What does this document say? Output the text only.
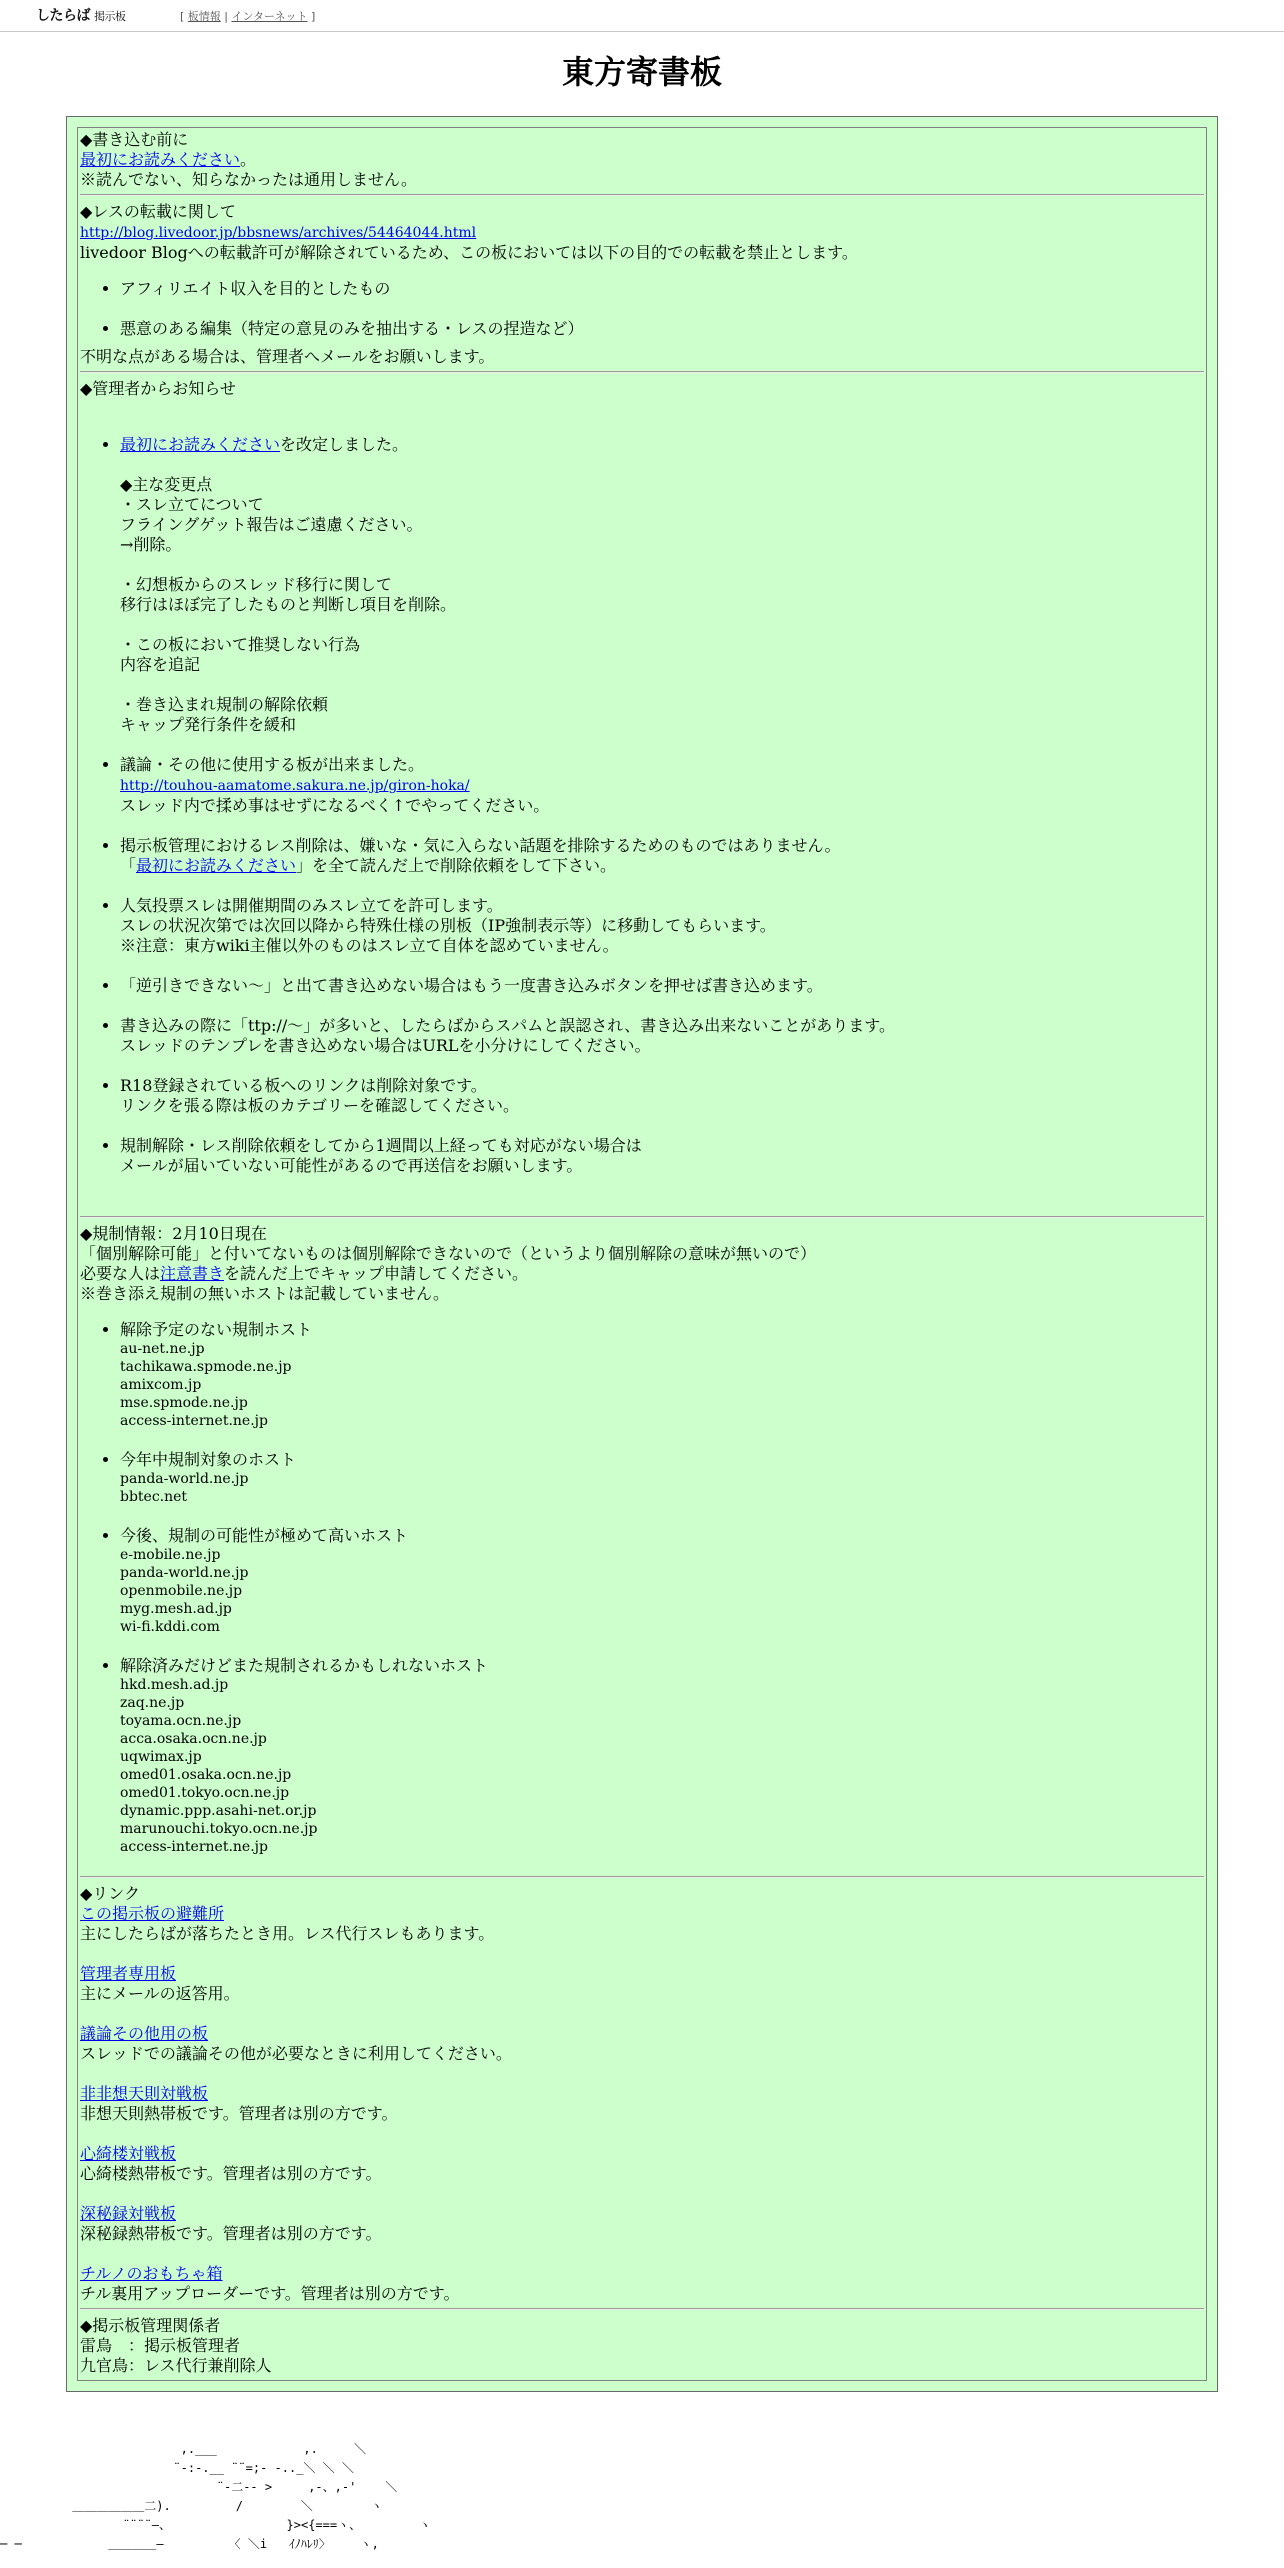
したらば 掲示板	[ 板情報 | インターネット ]
東方寄書板
◆書き込む前に
最初にお読みください。
※読んでない、知らなかったは通用しません。
◆レスの転載に関して
http://blog.livedoor.jp/bbsnews/archives/54464044.html
livedoor Blogへの転載許可が解除されているため、この板においては以下の目的での転載を禁止とします。
• アフィリエイト収入を目的としたもの
• 悪意のある編集（特定の意見のみを抽出する・レスの捏造など）
不明な点がある場合は、管理者へメールをお願いします。
◆管理者からお知らせ
• 最初にお読みくださいを改定しました。
◆主な変更点
・スレ立てについて
フライングゲット報告はご遠慮ください。
→削除。
・幻想板からのスレッド移行に関して
移行はほぼ完了したものと判断し項目を削除。
・この板において推奨しない行為
内容を追記
・巻き込まれ規制の解除依頼
キャップ発行条件を緩和
• 議論・その他に使用する板が出来ました。
http://touhou-aamatome.sakura.ne.jp/giron-hoka/
スレッド内で揉め事はせずになるべく↑でやってください。
• 掲示板管理におけるレス削除は、嫌いな・気に入らない話題を排除するためのものではありません。
「最初にお読みください」を全て読んだ上で削除依頼をして下さい。
• 人気投票スレは開催期間のみスレ立てを許可します。
スレの状況次第では次回以降から特殊仕様の別板（IP強制表示等）に移動してもらいます。
※注意：東方wiki主催以外のものはスレ立て自体を認めていません。
• 「逆引きできない～」と出て書き込めない場合はもう一度書き込みボタンを押せば書き込めます。
• 書き込みの際に「ttp://～」が多いと、したらばからスパムと誤認され、書き込み出来ないことがあります。
スレッドのテンプレを書き込めない場合はURLを小分けにしてください。
• R18登録されている板へのリンクは削除対象です。
リンクを張る際は板のカテゴリーを確認してください。
• 規制解除・レス削除依頼をしてから1週間以上経っても対応がない場合は
メールが届いていない可能性があるので再送信をお願いします。
◆規制情報：2月10日現在
「個別解除可能」と付いてないものは個別解除できないので（というより個別解除の意味が無いので）
必要な人は注意書きを読んだ上でキャップ申請してください。
※巻き添え規制の無いホストは記載していません。
• 解除予定のない規制ホスト
au-net.ne.jp
tachikawa.spmode.ne.jp
amixcom.jp
mse.spmode.ne.jp
access-internet.ne.jp
• 今年中規制対象のホスト
panda-world.ne.jp
bbtec.net
• 今後、規制の可能性が極めて高いホスト
e-mobile.ne.jp
panda-world.ne.jp
openmobile.ne.jp
myg.mesh.ad.jp
wi-fi.kddi.com
• 解除済みだけどまた規制されるかもしれないホスト
hkd.mesh.ad.jp
zaq.ne.jp
toyama.ocn.ne.jp
acca.osaka.ocn.ne.jp
uqwimax.jp
omed01.osaka.ocn.ne.jp
omed01.tokyo.ocn.ne.jp
dynamic.ppp.asahi-net.or.jp
marunouchi.tokyo.ocn.ne.jp
access-internet.ne.jp
◆リンク
この掲示板の避難所
主にしたらばが落ちたとき用。レス代行スレもあります。
管理者専用板
主にメールの返答用。
議論その他用の板
スレッドでの議論その他が必要なときに利用してください。
非非想天則対戦板
非想天則熱帯板です。管理者は別の方です。
心綺楼対戦板
心綺楼熱帯板です。管理者は別の方です。
深秘録対戦板
深秘録熱帯板です。管理者は別の方です。
チルノのおもちゃ箱
チル裏用アップローダーです。管理者は別の方です。
◆掲示板管理関係者
雷鳥　：掲示板管理者
九官鳥：レス代行兼削除人
,.___            ,.     ＼
¨-:-.__ ¨¨=;- -.._＼ ＼ ＼
¨-二-- >     ,-、,-'    ＼
＿＿＿＿＿＿二).         /        ＼        ヽ
¨¨¨¨—、                }><{===ヽ、        ヽ
─ ─            ＿＿＿＿—         〈 ＼i   ｲﾉﾊﾚﾘ〉    ヽ,
